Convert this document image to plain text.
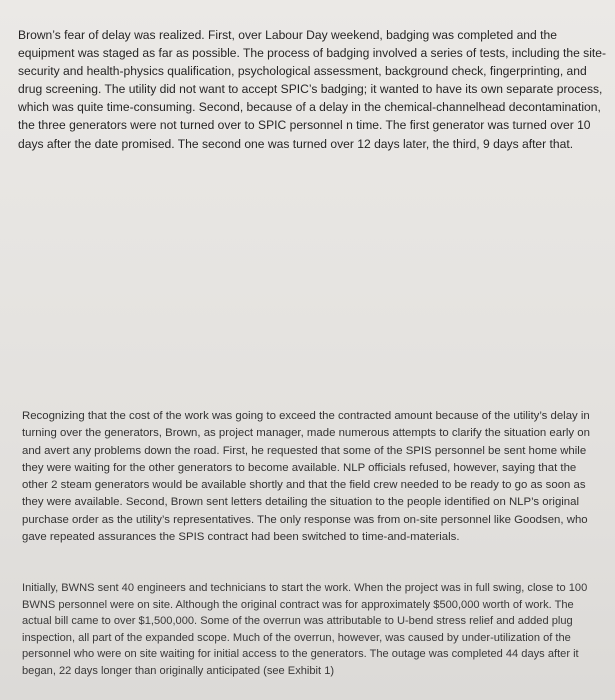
Brown’s fear of delay was realized. First, over Labour Day weekend, badging was completed and the equipment was staged as far as possible. The process of badging involved a series of tests, including the site-security and health-physics qualification, psychological assessment, background check, fingerprinting, and drug screening. The utility did not want to accept SPIC’s badging; it wanted to have its own separate process, which was quite time-consuming. Second, because of a delay in the chemical-channelhead decontamination, the three generators were not turned over to SPIC personnel n time. The first generator was turned over 10 days after the date promised. The second one was turned over 12 days later, the third, 9 days after that.

Recognizing that the cost of the work was going to exceed the contracted amount because of the utility’s delay in turning over the generators, Brown, as project manager, made numerous attempts to clarify the situation early on and avert any problems down the road. First, he requested that some of the SPIS personnel be sent home while they were waiting for the other generators to become available. NLP officials refused, however, saying that the other 2 steam generators would be available shortly and that the field crew needed to be ready to go as soon as they were available. Second, Brown sent letters detailing the situation to the people identified on NLP’s original purchase order as the utility’s representatives. The only response was from on-site personnel like Goodsen, who gave repeated assurances the SPIS contract had been switched to time-and-materials.

Initially, BWNS sent 40 engineers and technicians to start the work. When the project was in full swing, close to 100 BWNS personnel were on site. Although the original contract was for approximately $500,000 worth of work. The actual bill came to over $1,500,000. Some of the overrun was attributable to U-bend stress relief and added plug inspection, all part of the expanded scope. Much of the overrun, however, was caused by under-utilization of the personnel who were on site waiting for initial access to the generators. The outage was completed 44 days after it began, 22 days longer than originally anticipated (see Exhibit 1)
